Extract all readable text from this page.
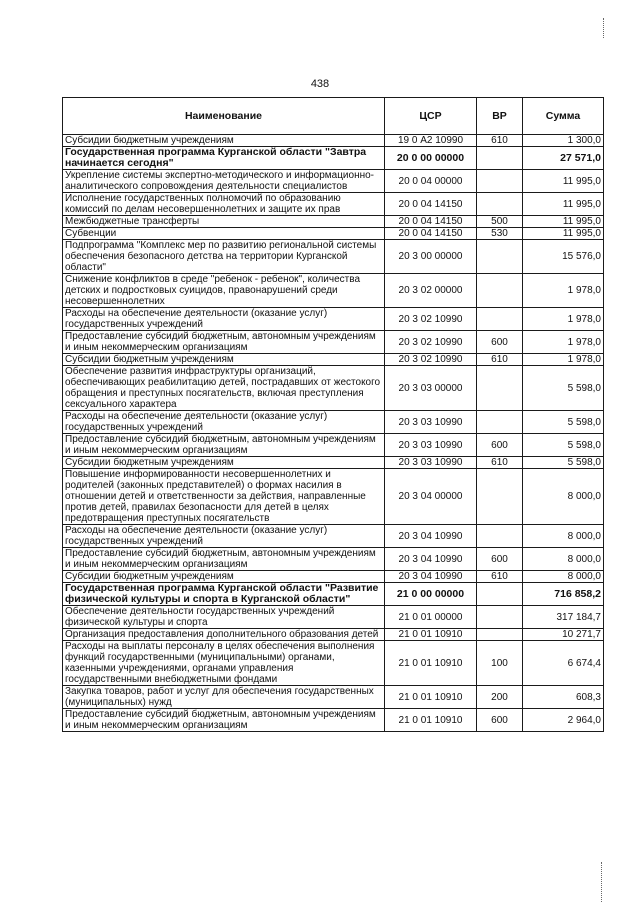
438
Наименование	ЦСР	ВР	Сумма
Субсидии бюджетным учреждениям	19 0 А2 10990	610	1 300,0
Государственная программа Курганской области "Завтра начинается сегодня"	20 0 00 00000		27 571,0
Укрепление системы экспертно-методического и информационно-аналитического сопровождения деятельности специалистов	20 0 04 00000		11 995,0
Исполнение государственных полномочий по образованию комиссий по делам несовершеннолетних и защите их прав	20 0 04 14150		11 995,0
Межбюджетные трансферты	20 0 04 14150	500	11 995,0
Субвенции	20 0 04 14150	530	11 995,0
Подпрограмма "Комплекс мер по развитию региональной системы обеспечения безопасного детства на территории Курганской области"	20 3 00 00000		15 576,0
Снижение конфликтов в среде "ребенок - ребенок", количества детских и подростковых суицидов, правонарушений среди несовершеннолетних	20 3 02 00000		1 978,0
Расходы на обеспечение деятельности (оказание услуг) государственных учреждений	20 3 02 10990		1 978,0
Предоставление субсидий бюджетным, автономным учреждениям и иным некоммерческим организациям	20 3 02 10990	600	1 978,0
Субсидии бюджетным учреждениям	20 3 02 10990	610	1 978,0
Обеспечение развития инфраструктуры организаций, обеспечивающих реабилитацию детей, пострадавших от жестокого обращения и преступных посягательств, включая преступления сексуального характера	20 3 03 00000		5 598,0
Расходы на обеспечение деятельности (оказание услуг) государственных учреждений	20 3 03 10990		5 598,0
Предоставление субсидий бюджетным, автономным учреждениям и иным некоммерческим организациям	20 3 03 10990	600	5 598,0
Субсидии бюджетным учреждениям	20 3 03 10990	610	5 598,0
Повышение информированности несовершеннолетних и родителей (законных представителей) о формах насилия в отношении детей и ответственности за действия, направленные против детей, правилах безопасности для детей в целях предотвращения преступных посягательств	20 3 04 00000		8 000,0
Расходы на обеспечение деятельности (оказание услуг) государственных учреждений	20 3 04 10990		8 000,0
Предоставление субсидий бюджетным, автономным учреждениям и иным некоммерческим организациям	20 3 04 10990	600	8 000,0
Субсидии бюджетным учреждениям	20 3 04 10990	610	8 000,0
Государственная программа Курганской области "Развитие физической культуры и спорта в Курганской области"	21 0 00 00000		716 858,2
Обеспечение деятельности государственных учреждений физической культуры и спорта	21 0 01 00000		317 184,7
Организация предоставления дополнительного образования детей	21 0 01 10910		10 271,7
Расходы на выплаты персоналу в целях обеспечения выполнения функций государственными (муниципальными) органами, казенными учреждениями, органами управления государственными внебюджетными фондами	21 0 01 10910	100	6 674,4
Закупка товаров, работ и услуг для обеспечения государственных (муниципальных) нужд	21 0 01 10910	200	608,3
Предоставление субсидий бюджетным, автономным учреждениям и иным некоммерческим организациям	21 0 01 10910	600	2 964,0
